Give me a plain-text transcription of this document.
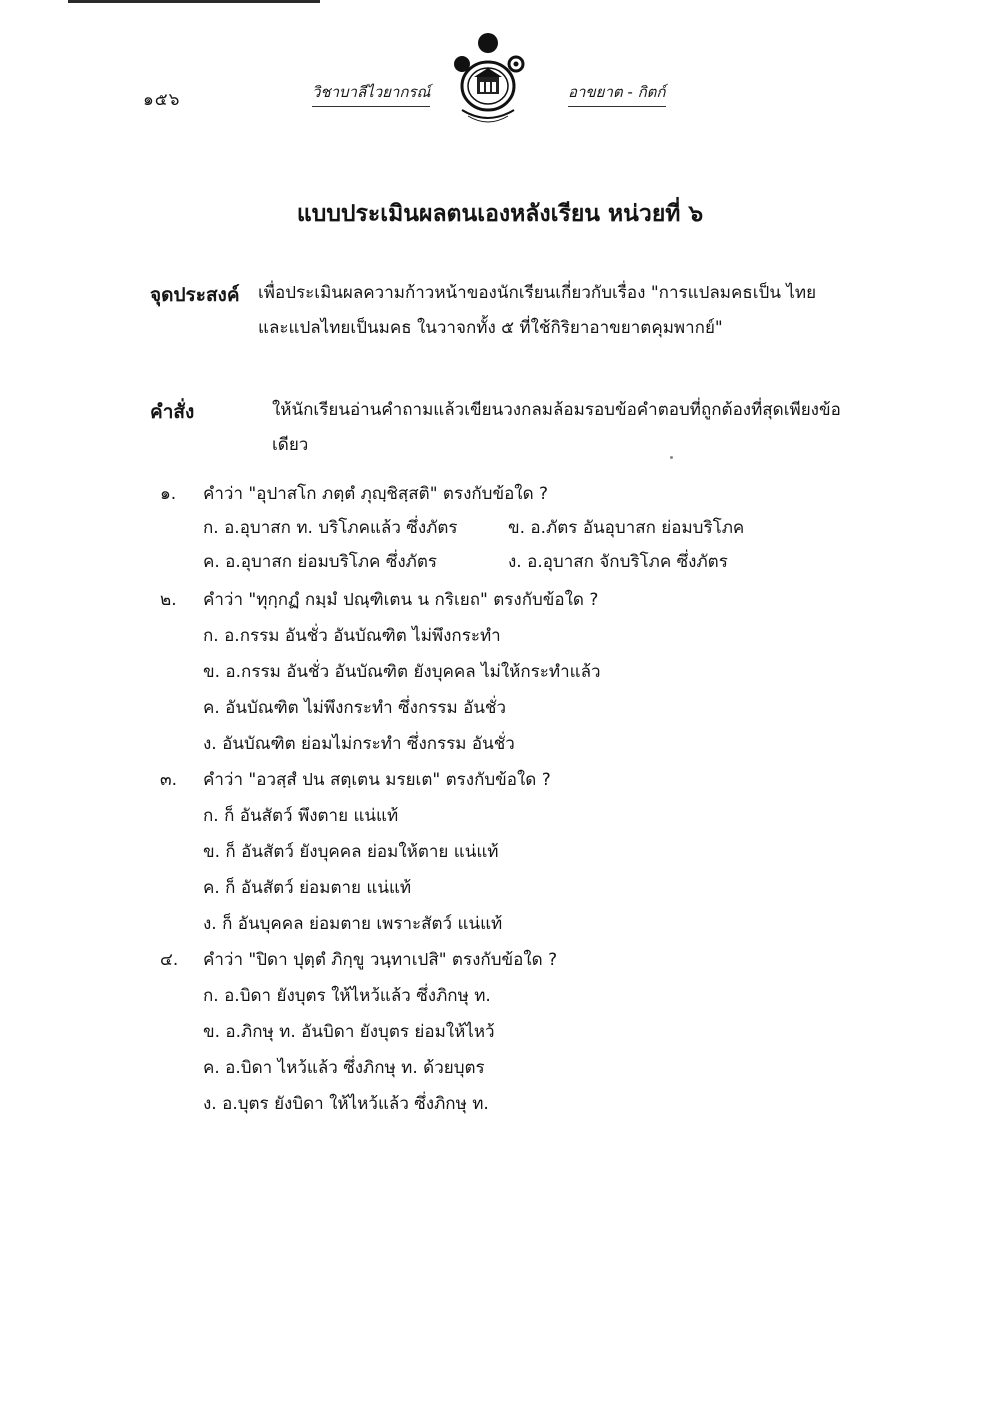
๑๕๖	วิชาบาลีไวยากรณ์	อาขยาต - กิตก์
แบบประเมินผลตนเองหลังเรียน หน่วยที่ ๖
จุดประสงค์ เพื่อประเมินผลความก้าวหน้าของนักเรียนเกี่ยวกับเรื่อง "การแปลมคธเป็น ไทยและแปลไทยเป็นมคธ ในวาจกทั้ง ๕ ที่ใช้กิริยาอาขยาตคุมพากย์"
คำสั่ง	ให้นักเรียนอ่านคำถามแล้วเขียนวงกลมล้อมรอบข้อคำตอบที่ถูกต้องที่สุดเพียงข้อเดียว
๑. คำว่า "อุปาสโก ภตฺตํ ภุญฺชิสฺสติ" ตรงกับข้อใด ?
ก. อ.อุบาสก ท. บริโภคแล้ว ซึ่งภัตร	ข. อ.ภัตร อันอุบาสก ย่อมบริโภค
ค. อ.อุบาสก ย่อมบริโภค ซึ่งภัตร	ง. อ.อุบาสก จักบริโภค ซึ่งภัตร
๒. คำว่า "ทุกฺกฏํ กมฺมํ ปณฺฑิเตน น กริเยถ" ตรงกับข้อใด ?
ก. อ.กรรม อันชั่ว อันบัณฑิต ไม่พึงกระทำ
ข. อ.กรรม อันชั่ว อันบัณฑิต ยังบุคคล ไม่ให้กระทำแล้ว
ค. อันบัณฑิต ไม่พึงกระทำ ซึ่งกรรม อันชั่ว
ง. อันบัณฑิต ย่อมไม่กระทำ ซึ่งกรรม อันชั่ว
๓. คำว่า "อวสฺสํ ปน สตฺเตน มรยเต" ตรงกับข้อใด ?
ก. ก็ อันสัตว์ พึงตาย แน่แท้
ข. ก็ อันสัตว์ ยังบุคคล ย่อมให้ตาย แน่แท้
ค. ก็ อันสัตว์ ย่อมตาย แน่แท้
ง. ก็ อันบุคคล ย่อมตาย เพราะสัตว์ แน่แท้
๔. คำว่า "ปิดา ปุตฺตํ ภิกฺขู วนฺทาเปสิ" ตรงกับข้อใด ?
ก. อ.บิดา ยังบุตร ให้ไหว้แล้ว ซึ่งภิกษุ ท.
ข. อ.ภิกษุ ท. อันบิดา ยังบุตร ย่อมให้ไหว้
ค. อ.บิดา ไหว้แล้ว ซึ่งภิกษุ ท. ด้วยบุตร
ง. อ.บุตร ยังบิดา ให้ไหว้แล้ว ซึ่งภิกษุ ท.
